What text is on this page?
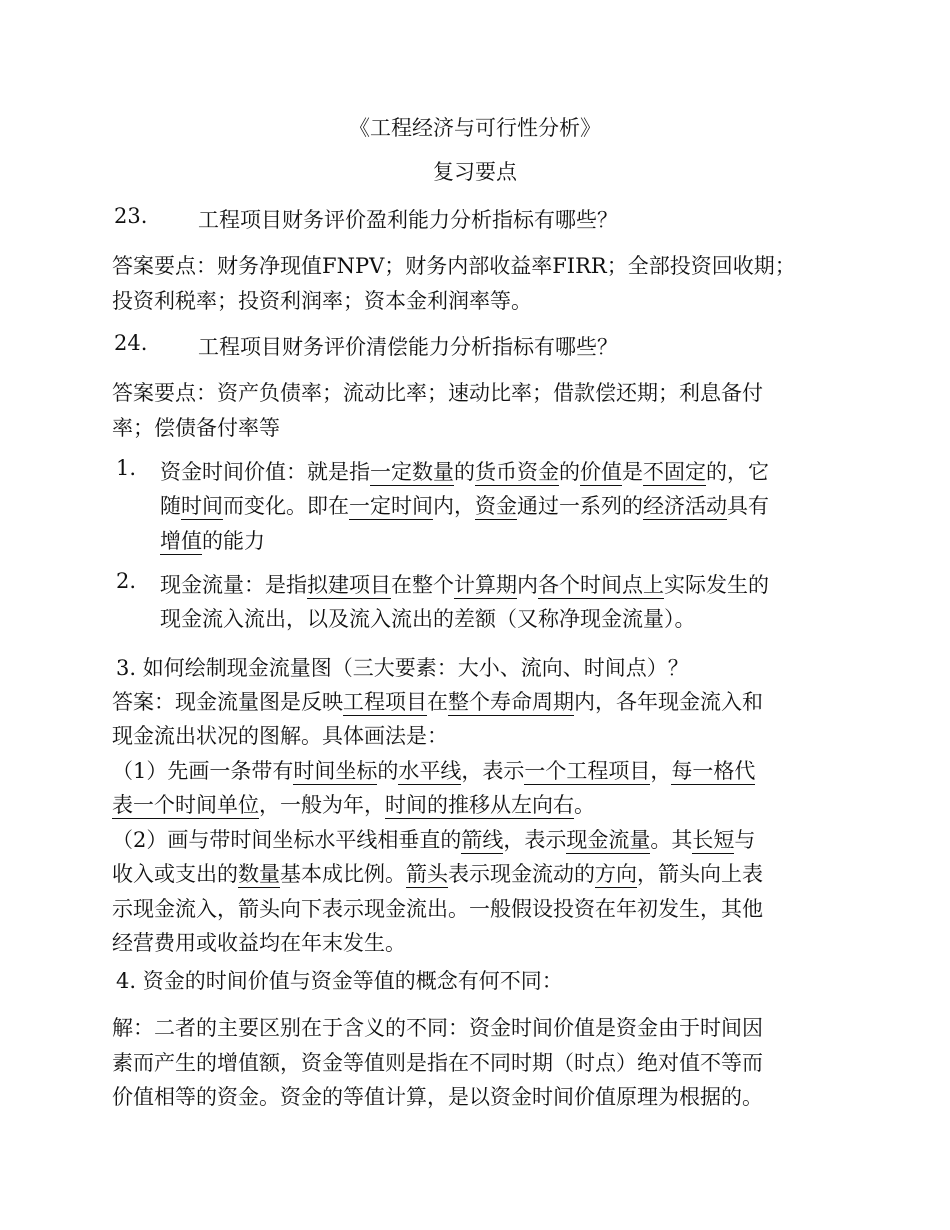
《工程经济与可行性分析》
复习要点
23. 工程项目财务评价盈利能力分析指标有哪些？
答案要点：财务净现值FNPV；财务内部收益率FIRR；全部投资回收期；
投资利税率；投资利润率；资本金利润率等。
24. 工程项目财务评价清偿能力分析指标有哪些？
答案要点：资产负债率；流动比率；速动比率；借款偿还期；利息备付
率；偿债备付率等
1. 资金时间价值：就是指一定数量的货币资金的价值是不固定的，它
随时间而变化。即在一定时间内，资金通过一系列的经济活动具有
增值的能力
2. 现金流量：是指拟建项目在整个计算期内各个时间点上实际发生的
现金流入流出，以及流入流出的差额（又称净现金流量）。
3. 如何绘制现金流量图（三大要素：大小、流向、时间点）？
答案：现金流量图是反映工程项目在整个寿命周期内，各年现金流入和
现金流出状况的图解。具体画法是：
（1）先画一条带有时间坐标的水平线，表示一个工程项目，每一格代
表一个时间单位，一般为年，时间的推移从左向右。
（2）画与带时间坐标水平线相垂直的箭线，表示现金流量。其长短与
收入或支出的数量基本成比例。箭头表示现金流动的方向，箭头向上表
示现金流入，箭头向下表示现金流出。一般假设投资在年初发生，其他
经营费用或收益均在年末发生。
4. 资金的时间价值与资金等值的概念有何不同：
解：二者的主要区别在于含义的不同：资金时间价值是资金由于时间因
素而产生的增值额，资金等值则是指在不同时期（时点）绝对值不等而
价值相等的资金。资金的等值计算，是以资金时间价值原理为根据的。
